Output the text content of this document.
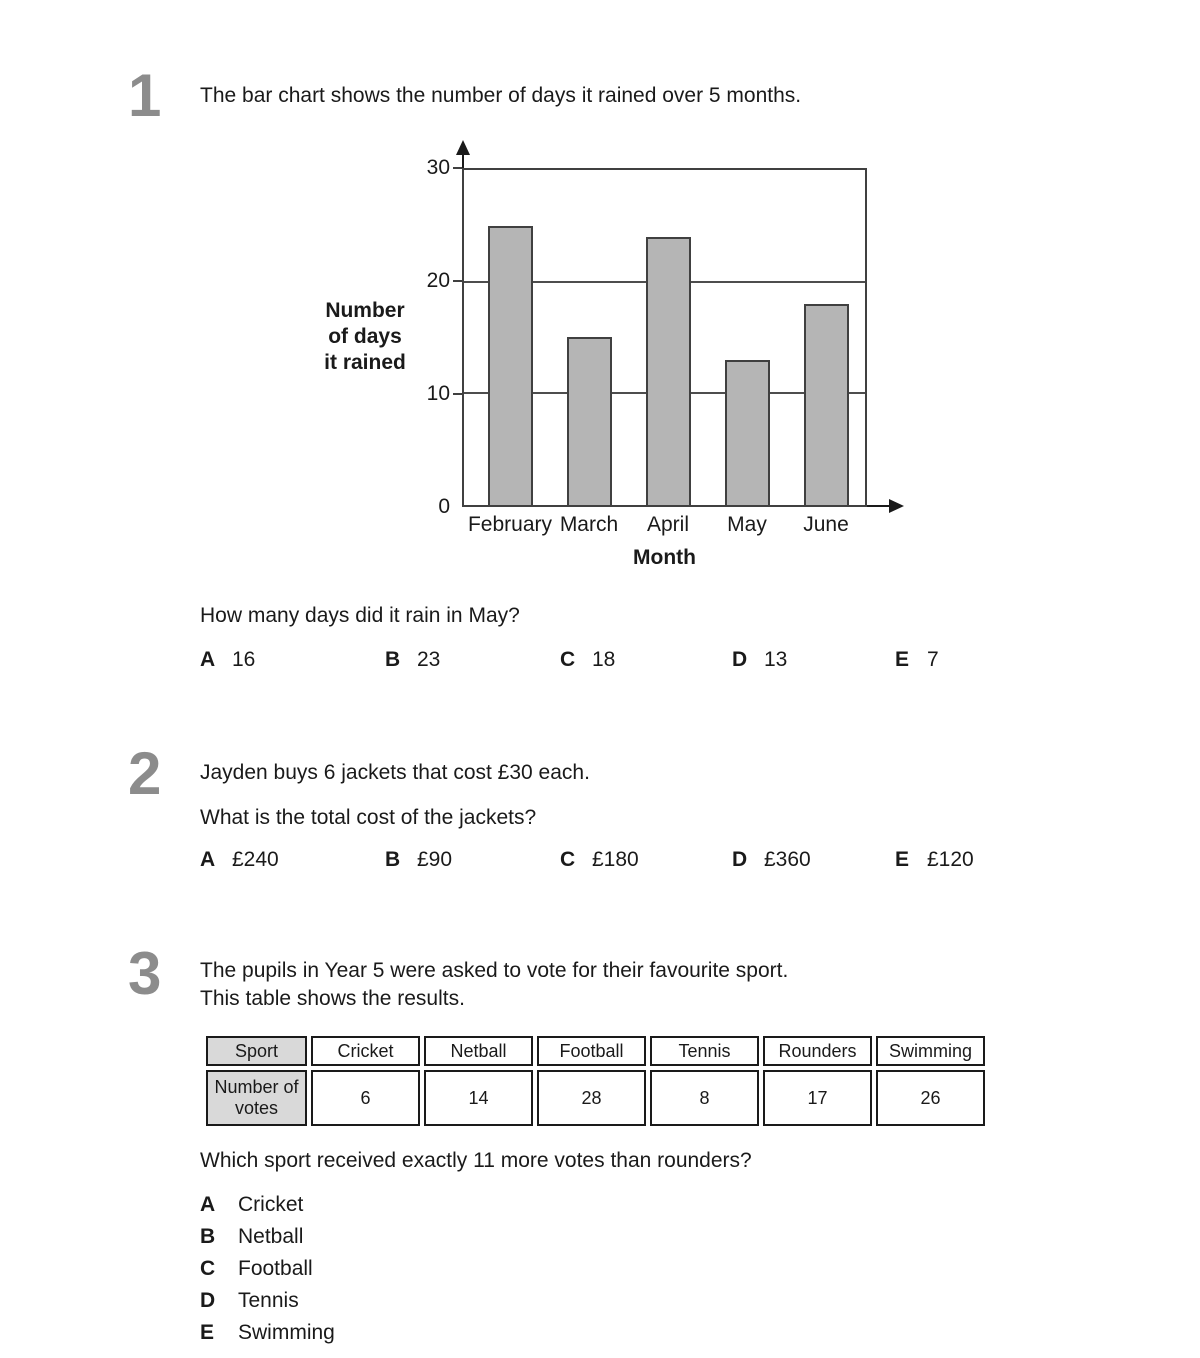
1 The bar chart shows the number of days it rained over 5 months.
Number
of days
it rained
Month
0
10
20
30
February March	April	May	June
How many days did it rain in May?
A 16	B 23	C 18	D 13	E 7
2 Jayden buys 6 jackets that cost £30 each.
What is the total cost of the jackets?
A £240	B £90	C £180	D £360	E £120
3 The pupils in Year 5 were asked to vote for their favourite sport.
This table shows the results.
Sport	Cricket	Netball	Football	Tennis	Rounders	Swimming
Number of votes	6	14	28	8	17	26
Which sport received exactly 11 more votes than rounders?
A Cricket
B Netball
C Football
D Tennis
E Swimming
